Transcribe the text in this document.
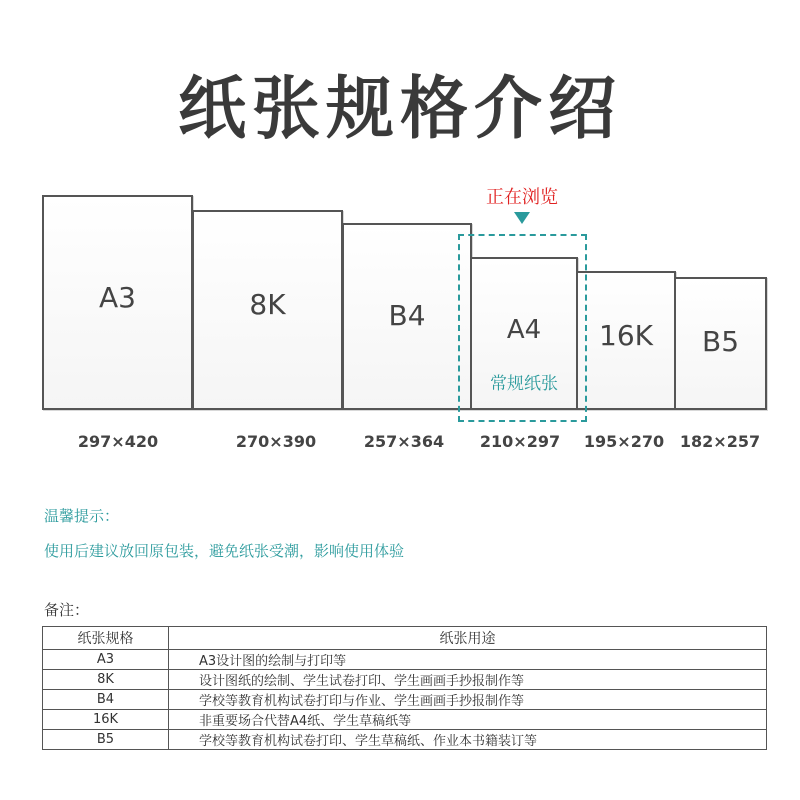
纸张规格介绍
A3	8K	B4	A4
常规纸张
16K	B5
正在浏览
297×420	270×390	257×364	210×297	195×270 182×257
温馨提示：
使用后建议放回原包装，避免纸张受潮，影响使用体验
备注：
纸张规格	纸张用途
A3	A3设计图的绘制与打印等
8K	设计图纸的绘制、学生试卷打印、学生画画手抄报制作等
B4	学校等教育机构试卷打印与作业、学生画画手抄报制作等
16K	非重要场合代替A4纸、学生草稿纸等
B5	学校等教育机构试卷打印、学生草稿纸、作业本书籍装订等
